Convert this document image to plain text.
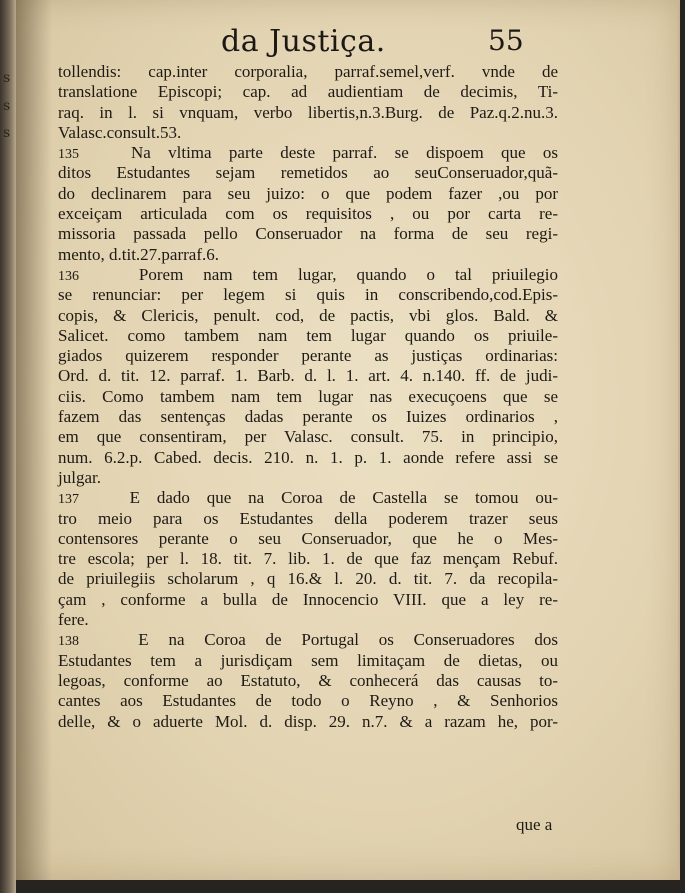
s
s
s
da Justiça.	55
tollendis: cap.inter corporalia, parraf.semel,verf. vnde de
translatione Episcopi; cap. ad audientiam de decimis, Ti-
raq. in l. si vnquam, verbo libertis,n.3.Burg. de Paz.q.2.nu.3.
Valasc.consult.53.
135	Na vltima parte deste parraf. se dispoem que os
ditos Estudantes sejam remetidos ao seuConseruador,quã-
do declinarem para seu juizo: o que podem fazer ,ou por
exceiçam articulada com os requisitos , ou por carta re-
missoria passada pello Conseruador na forma de seu regi-
mento, d.tit.27.parraf.6.
136	Porem nam tem lugar, quando o tal priuilegio
se renunciar: per legem si quis in conscribendo,cod.Epis-
copis, & Clericis, penult. cod, de pactis, vbi glos. Bald. &
Salicet. como tambem nam tem lugar quando os priuile-
giados quizerem responder perante as justiças ordinarias:
Ord. d. tit. 12. parraf. 1. Barb. d. l. 1. art. 4. n.140. ff. de judi-
ciis. Como tambem nam tem lugar nas execuçoens que se
fazem das sentenças dadas perante os Iuizes ordinarios ,
em que consentiram, per Valasc. consult. 75. in principio,
num. 6.2.p. Cabed. decis. 210. n. 1. p. 1. aonde refere assi se
julgar.
137	E dado que na Coroa de Castella se tomou ou-
tro meio para os Estudantes della poderem trazer seus
contensores perante o seu Conseruador, que he o Mes-
tre escola; per l. 18. tit. 7. lib. 1. de que faz mençam Rebuf.
de priuilegiis scholarum , q 16.& l. 20. d. tit. 7. da recopila-
çam , conforme a bulla de Innocencio VIII. que a ley re-
fere.
138	E na Coroa de Portugal os Conseruadores dos
Estudantes tem a jurisdiçam sem limitaçam de dietas, ou
legoas, conforme ao Estatuto, & conhecerá das causas to-
cantes aos Estudantes de todo o Reyno , & Senhorios
delle, & o aduerte Mol. d. disp. 29. n.7. & a razam he, por-
que a
